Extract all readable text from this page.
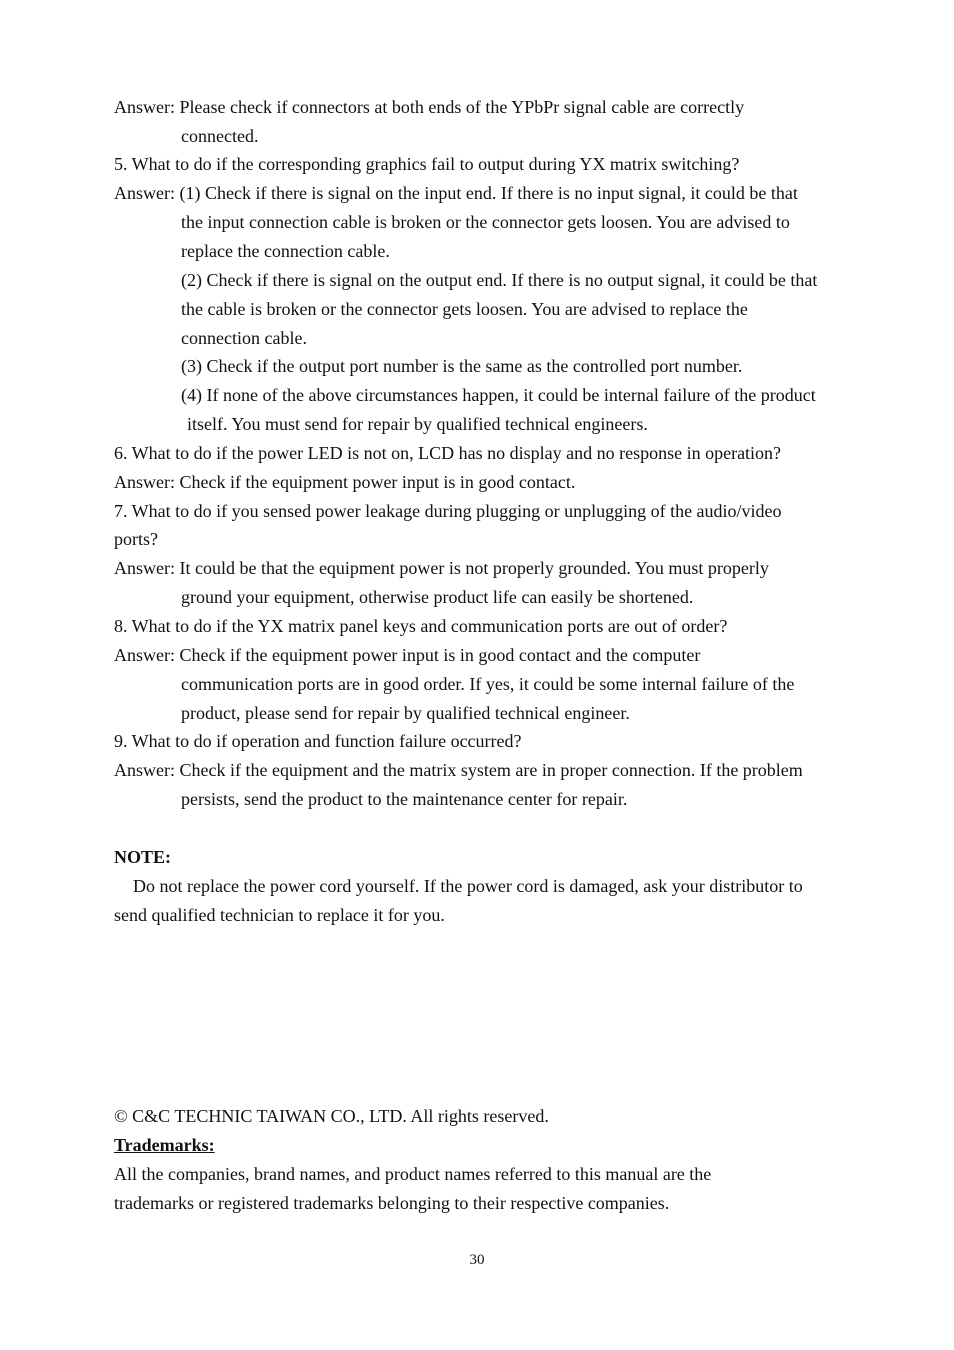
Answer: Please check if connectors at both ends of the YPbPr signal cable are correctly
connected.
5. What to do if the corresponding graphics fail to output during YX matrix switching?
Answer: (1) Check if there is signal on the input end. If there is no input signal, it could be that
the input connection cable is broken or the connector gets loosen. You are advised to
replace the connection cable.
(2) Check if there is signal on the output end. If there is no output signal, it could be that
the cable is broken or the connector gets loosen. You are advised to replace the
connection cable.
(3) Check if the output port number is the same as the controlled port number.
(4) If none of the above circumstances happen, it could be internal failure of the product
itself. You must send for repair by qualified technical engineers.
6. What to do if the power LED is not on, LCD has no display and no response in operation?
Answer: Check if the equipment power input is in good contact.
7. What to do if you sensed power leakage during plugging or unplugging of the audio/video
ports?
Answer: It could be that the equipment power is not properly grounded. You must properly
ground your equipment, otherwise product life can easily be shortened.
8. What to do if the YX matrix panel keys and communication ports are out of order?
Answer: Check if the equipment power input is in good contact and the computer
communication ports are in good order. If yes, it could be some internal failure of the
product, please send for repair by qualified technical engineer.
9. What to do if operation and function failure occurred?
Answer: Check if the equipment and the matrix system are in proper connection. If the problem
persists, send the product to the maintenance center for repair.
NOTE:
Do not replace the power cord yourself. If the power cord is damaged, ask your distributor to
send qualified technician to replace it for you.
© C&C TECHNIC TAIWAN CO., LTD. All rights reserved.
Trademarks:
All the companies, brand names, and product names referred to this manual are the
trademarks or registered trademarks belonging to their respective companies.
30
